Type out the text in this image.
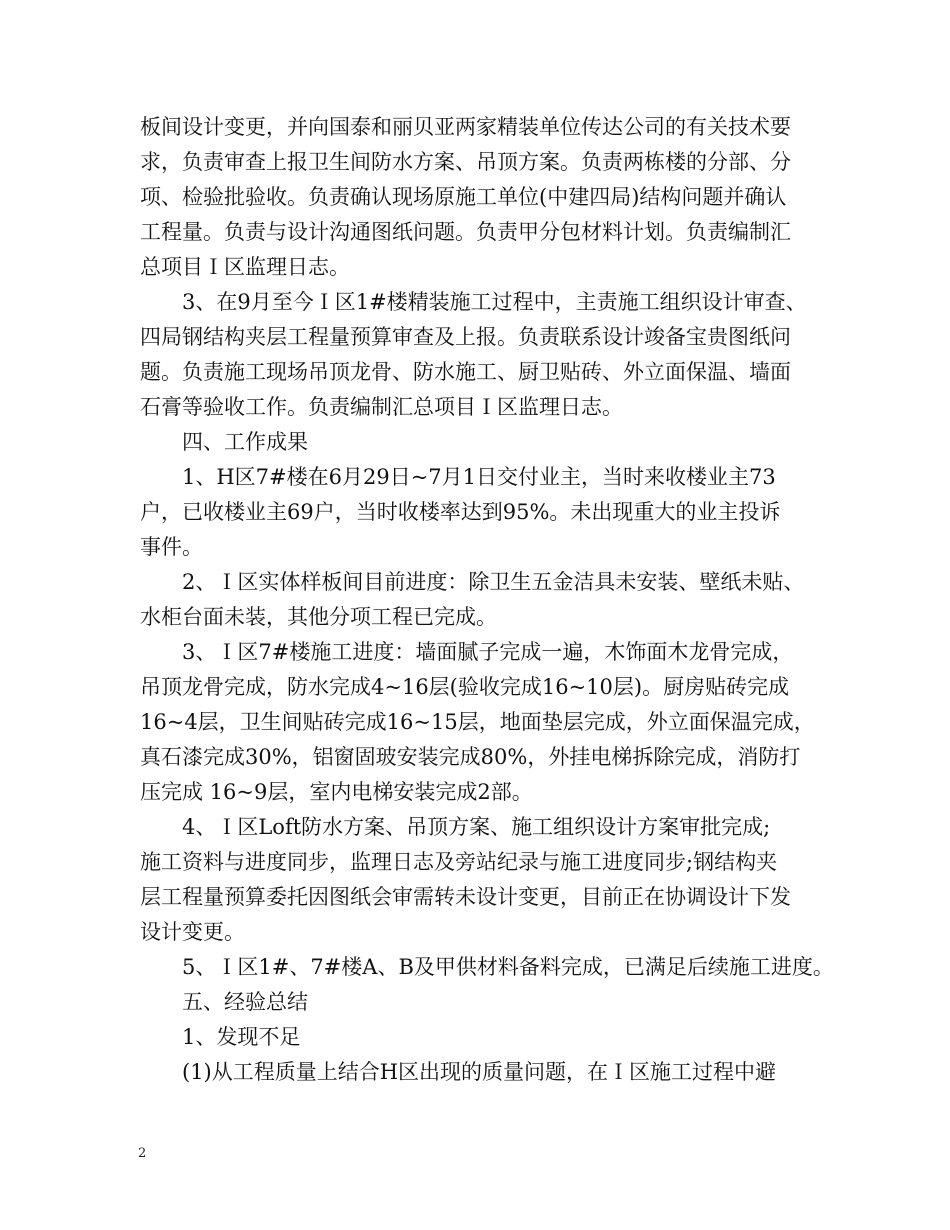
板间设计变更，并向国泰和丽贝亚两家精装单位传达公司的有关技术要
求，负责审查上报卫生间防水方案、吊顶方案。负责两栋楼的分部、分
项、检验批验收。负责确认现场原施工单位(中建四局)结构问题并确认
工程量。负责与设计沟通图纸问题。负责甲分包材料计划。负责编制汇
总项目Ｉ区监理日志。
　　3、在9月至今Ｉ区1#楼精装施工过程中，主责施工组织设计审查、
四局钢结构夹层工程量预算审查及上报。负责联系设计竣备宝贵图纸问
题。负责施工现场吊顶龙骨、防水施工、厨卫贴砖、外立面保温、墙面
石膏等验收工作。负责编制汇总项目Ｉ区监理日志。
　　四、工作成果
　　1、H区7#楼在6月29日~7月1日交付业主，当时来收楼业主73
户，已收楼业主69户，当时收楼率达到95%。未出现重大的业主投诉
事件。
　　2、Ｉ区实体样板间目前进度：除卫生五金洁具未安装、壁纸未贴、
水柜台面未装，其他分项工程已完成。
　　3、Ｉ区7#楼施工进度：墙面腻子完成一遍，木饰面木龙骨完成，
吊顶龙骨完成，防水完成4~16层(验收完成16~10层)。厨房贴砖完成
16~4层，卫生间贴砖完成16~15层，地面垫层完成，外立面保温完成，
真石漆完成30%，铝窗固玻安装完成80%，外挂电梯拆除完成，消防打
压完成 16~9层，室内电梯安装完成2部。
　　4、Ｉ区Loft防水方案、吊顶方案、施工组织设计方案审批完成;
施工资料与进度同步，监理日志及旁站纪录与施工进度同步;钢结构夹
层工程量预算委托因图纸会审需转未设计变更，目前正在协调设计下发
设计变更。
　　5、Ｉ区1#、7#楼A、B及甲供材料备料完成，已满足后续施工进度。
　　五、经验总结
　　1、发现不足
　　(1)从工程质量上结合H区出现的质量问题，在Ｉ区施工过程中避
2
